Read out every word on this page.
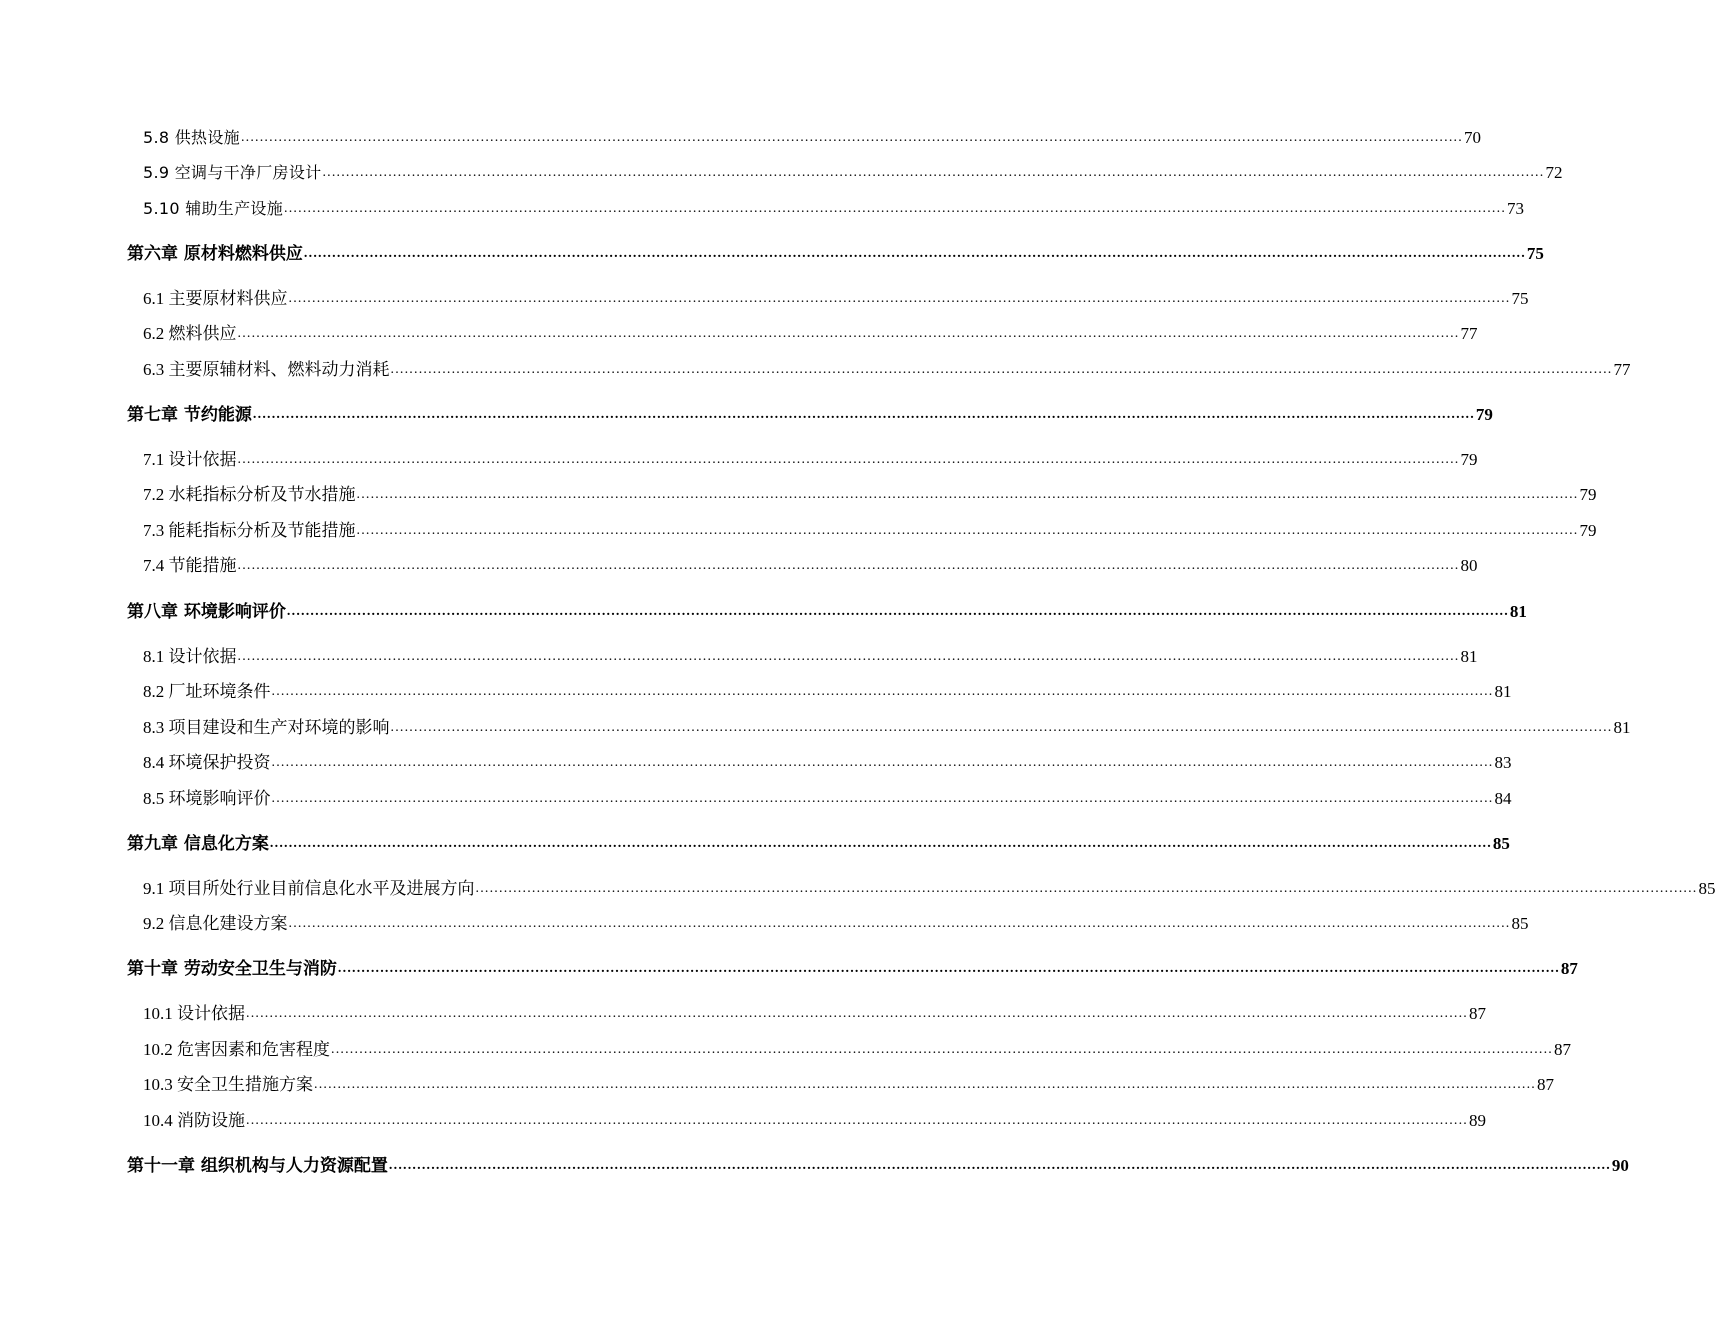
5.8 供热设施 .................................................................................................................................................................................................................................................................... 70
5.9 空调与干净厂房设计 .................................................................................................................................................................................................................................................................... 72
5.10 辅助生产设施 .................................................................................................................................................................................................................................................................... 73
第六章 原材料燃料供应 .................................................................................................................................................................................................................................................................... 75
6.1 主要原材料供应 .................................................................................................................................................................................................................................................................... 75
6.2 燃料供应 .................................................................................................................................................................................................................................................................... 77
6.3 主要原辅材料、燃料动力消耗 .................................................................................................................................................................................................................................................................... 77
第七章 节约能源 .................................................................................................................................................................................................................................................................... 79
7.1 设计依据 .................................................................................................................................................................................................................................................................... 79
7.2 水耗指标分析及节水措施 .................................................................................................................................................................................................................................................................... 79
7.3 能耗指标分析及节能措施 .................................................................................................................................................................................................................................................................... 79
7.4 节能措施 .................................................................................................................................................................................................................................................................... 80
第八章 环境影响评价 .................................................................................................................................................................................................................................................................... 81
8.1 设计依据 .................................................................................................................................................................................................................................................................... 81
8.2 厂址环境条件 .................................................................................................................................................................................................................................................................... 81
8.3 项目建设和生产对环境的影响 .................................................................................................................................................................................................................................................................... 81
8.4 环境保护投资 .................................................................................................................................................................................................................................................................... 83
8.5 环境影响评价 .................................................................................................................................................................................................................................................................... 84
第九章 信息化方案 .................................................................................................................................................................................................................................................................... 85
9.1 项目所处行业目前信息化水平及进展方向 .................................................................................................................................................................................................................................................................... 85
9.2 信息化建设方案 .................................................................................................................................................................................................................................................................... 85
第十章 劳动安全卫生与消防 .................................................................................................................................................................................................................................................................... 87
10.1 设计依据 .................................................................................................................................................................................................................................................................... 87
10.2 危害因素和危害程度 .................................................................................................................................................................................................................................................................... 87
10.3 安全卫生措施方案 .................................................................................................................................................................................................................................................................... 87
10.4 消防设施 .................................................................................................................................................................................................................................................................... 89
第十一章 组织机构与人力资源配置 .................................................................................................................................................................................................................................................................... 90
